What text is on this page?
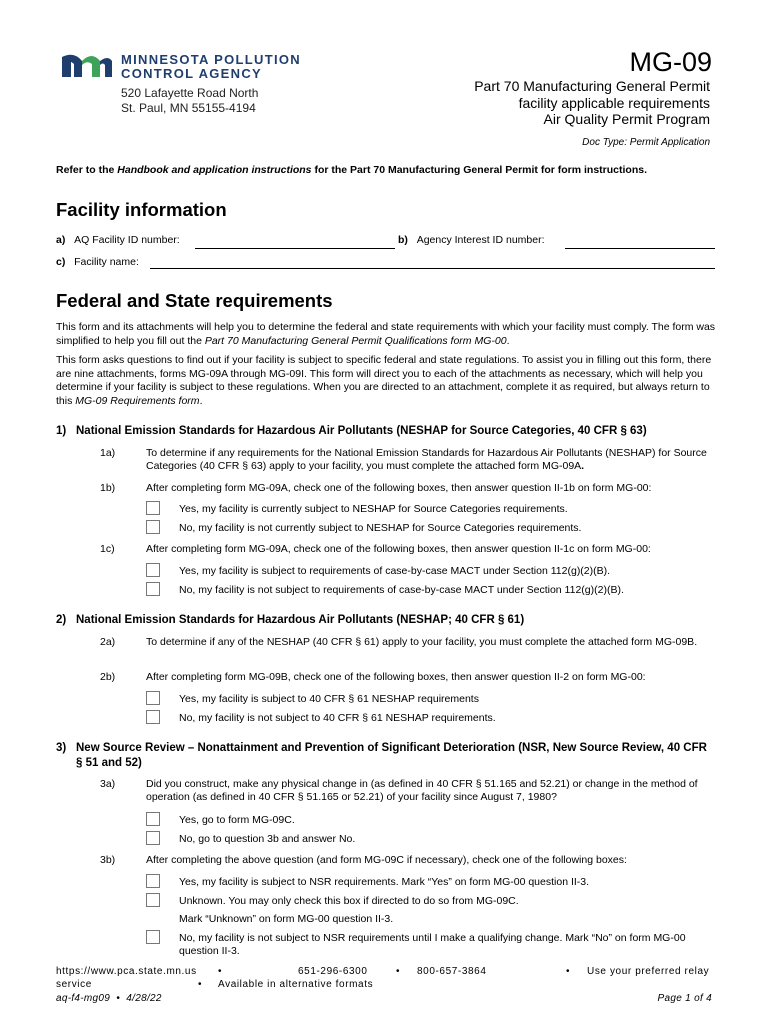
MINNESOTA POLLUTION
CONTROL AGENCY
520 Lafayette Road North
St. Paul, MN 55155-4194
MG-09
Part 70 Manufacturing General Permit
facility applicable requirements
Air Quality Permit Program
Doc Type: Permit Application
Refer to the Handbook and application instructions for the Part 70 Manufacturing General Permit for form instructions.
Facility information
a) AQ Facility ID number:	b) Agency Interest ID number:
c) Facility name:
Federal and State requirements
This form and its attachments will help you to determine the federal and state requirements with which your facility must comply. The form was simplified to help you fill out the Part 70 Manufacturing General Permit Qualifications form MG-00.
This form asks questions to find out if your facility is subject to specific federal and state regulations. To assist you in filling out this form, there are nine attachments, forms MG-09A through MG-09I. This form will direct you to each of the attachments as necessary, which will help you determine if your facility is subject to these regulations. When you are directed to an attachment, complete it as required, but always return to this MG-09 Requirements form.
1) National Emission Standards for Hazardous Air Pollutants (NESHAP for Source Categories, 40 CFR § 63)
1a)	To determine if any requirements for the National Emission Standards for Hazardous Air Pollutants (NESHAP) for Source Categories (40 CFR § 63) apply to your facility, you must complete the attached form MG-09A.
1b)	After completing form MG-09A, check one of the following boxes, then answer question II-1b on form MG-00:
Yes, my facility is currently subject to NESHAP for Source Categories requirements.
No, my facility is not currently subject to NESHAP for Source Categories requirements.
1c)	After completing form MG-09A, check one of the following boxes, then answer question II-1c on form MG-00:
Yes, my facility is subject to requirements of case-by-case MACT under Section 112(g)(2)(B).
No, my facility is not subject to requirements of case-by-case MACT under Section 112(g)(2)(B).
2) National Emission Standards for Hazardous Air Pollutants (NESHAP; 40 CFR § 61)
2a)	To determine if any of the NESHAP (40 CFR § 61) apply to your facility, you must complete the attached form MG-09B.
2b)	After completing form MG-09B, check one of the following boxes, then answer question II-2 on form MG-00:
Yes, my facility is subject to 40 CFR § 61 NESHAP requirements
No, my facility is not subject to 40 CFR § 61 NESHAP requirements.
3) New Source Review – Nonattainment and Prevention of Significant Deterioration (NSR, New Source Review, 40 CFR § 51 and 52)
3a)	Did you construct, make any physical change in (as defined in 40 CFR § 51.165 and 52.21) or change in the method of operation (as defined in 40 CFR § 51.165 or 52.21) of your facility since August 7, 1980?
Yes, go to form MG-09C.
No, go to question 3b and answer No.
3b)	After completing the above question (and form MG-09C if necessary), check one of the following boxes:
Yes, my facility is subject to NSR requirements. Mark “Yes” on form MG-00 question II-3.
Unknown. You may only check this box if directed to do so from MG-09C.
Mark “Unknown” on form MG-00 question II-3.
No, my facility is not subject to NSR requirements until I make a qualifying change. Mark “No” on form MG-00 question II-3.
https://www.pca.state.mn.us •	651-296-6300	• 800-657-3864	• Use your preferred relay
service	• Available in alternative formats
aq-f4-mg09 • 4/28/22	Page 1 of 4
